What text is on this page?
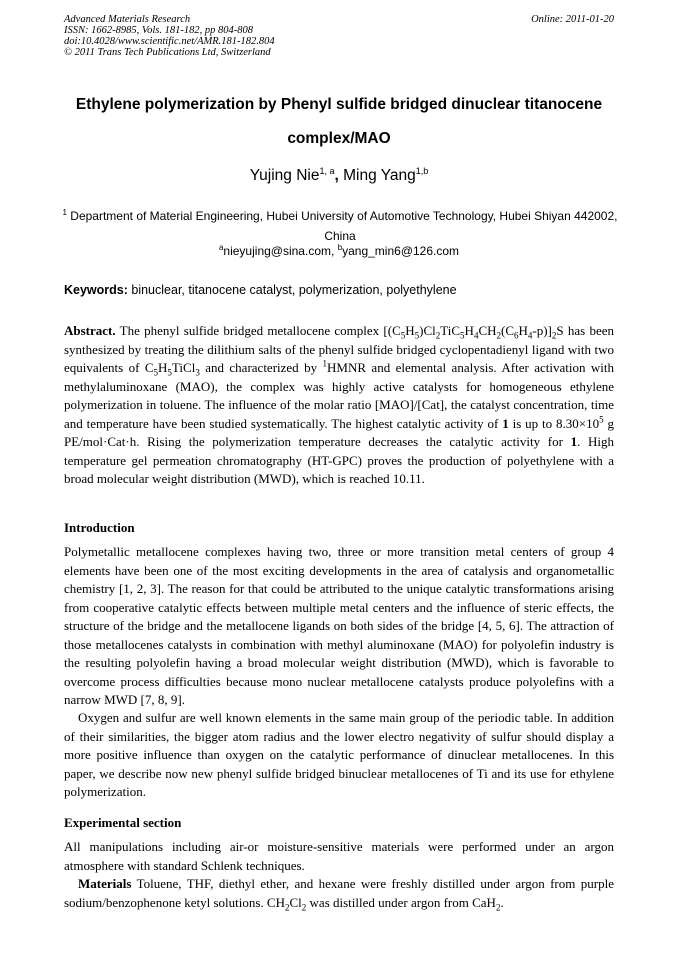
Advanced Materials Research
ISSN: 1662-8985, Vols. 181-182, pp 804-808
doi:10.4028/www.scientific.net/AMR.181-182.804
© 2011 Trans Tech Publications Ltd, Switzerland
Online: 2011-01-20
Ethylene polymerization by Phenyl sulfide bridged dinuclear titanocene
complex/MAO
Yujing Nie$^{1, a}$, Ming Yang$^{1,b}$
$^1$ Department of Material Engineering, Hubei University of Automotive Technology, Hubei Shiyan 442002, China
$^a$nieyujing@sina.com, $^b$yang_min6@126.com
Keywords: binuclear, titanocene catalyst, polymerization, polyethylene
Abstract. The phenyl sulfide bridged metallocene complex $[(C_5H_5)Cl_2TiC_5H_4CH_2(C_6H_4-p)]_2S$ has been synthesized by treating the dilithium salts of the phenyl sulfide bridged cyclopentadienyl ligand with two equivalents of $C_5H_5TiCl_3$ and characterized by $^1$HMNR and elemental analysis. After activation with methylaluminoxane (MAO), the complex was highly active catalysts for homogeneous ethylene polymerization in toluene. The influence of the molar ratio [MAO]/[Cat], the catalyst concentration, time and temperature have been studied systematically. The highest catalytic activity of 1 is up to $8.30\times 10^5$ g PE/mol·Cat·h. Rising the polymerization temperature decreases the catalytic activity for 1. High temperature gel permeation chromatography (HT-GPC) proves the production of polyethylene with a broad molecular weight distribution (MWD), which is reached 10.11.
Introduction
Polymetallic metallocene complexes having two, three or more transition metal centers of group 4 elements have been one of the most exciting developments in the area of catalysis and organometallic chemistry [1, 2, 3]. The reason for that could be attributed to the unique catalytic transformations arising from cooperative catalytic effects between multiple metal centers and the influence of steric effects, the structure of the bridge and the metallocene ligands on both sides of the bridge [4, 5, 6]. The attraction of those metallocenes catalysts in combination with methyl aluminoxane (MAO) for polyolefin industry is the resulting polyolefin having a broad molecular weight distribution (MWD), which is favorable to overcome process difficulties because mono nuclear metallocene catalysts produce polyolefins with a narrow MWD [7, 8, 9].
Oxygen and sulfur are well known elements in the same main group of the periodic table. In addition of their similarities, the bigger atom radius and the lower electro negativity of sulfur should display a more positive influence than oxygen on the catalytic performance of dinuclear metallocenes. In this paper, we describe now new phenyl sulfide bridged binuclear metallocenes of Ti and its use for ethylene polymerization.
Experimental section
All manipulations including air-or moisture-sensitive materials were performed under an argon atmosphere with standard Schlenk techniques.
Materials Toluene, THF, diethyl ether, and hexane were freshly distilled under argon from purple sodium/benzophenone ketyl solutions. $CH_2Cl_2$ was distilled under argon from CaH$_2$.
